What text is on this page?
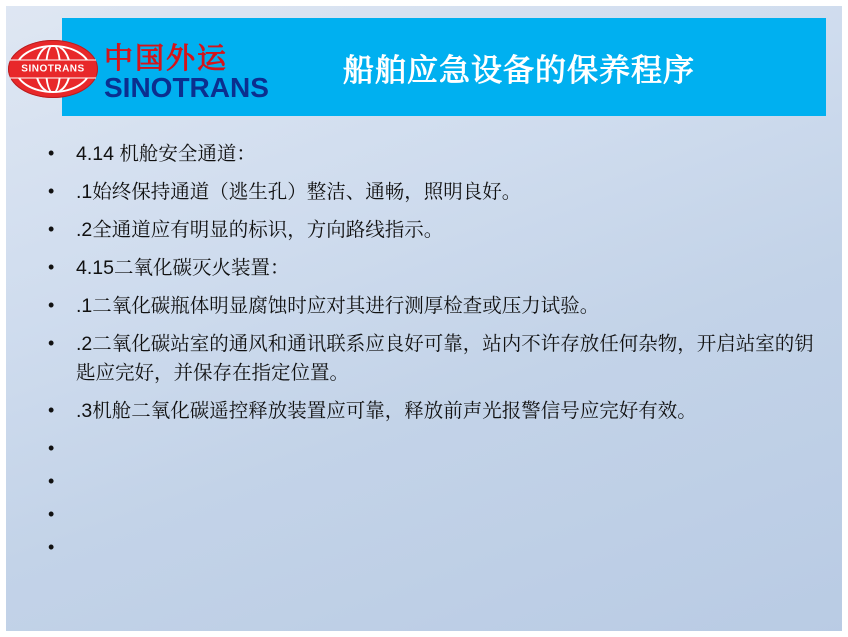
船舶应急设备的保养程序
SINOTRANS 中国外运
SINOTRANS
• 4.14 机舱安全通道：
• .1始终保持通道（逃生孔）整洁、通畅，照明良好。
• .2全通道应有明显的标识，方向路线指示。
• 4.15二氧化碳灭火装置：
• .1二氧化碳瓶体明显腐蚀时应对其进行测厚检查或压力试验。
• .2二氧化碳站室的通风和通讯联系应良好可靠，站内不许存放任何杂物，开启站室的钥匙应完好，并保存在指定位置。
• .3机舱二氧化碳遥控释放装置应可靠，释放前声光报警信号应完好有效。
•
•
•
•
